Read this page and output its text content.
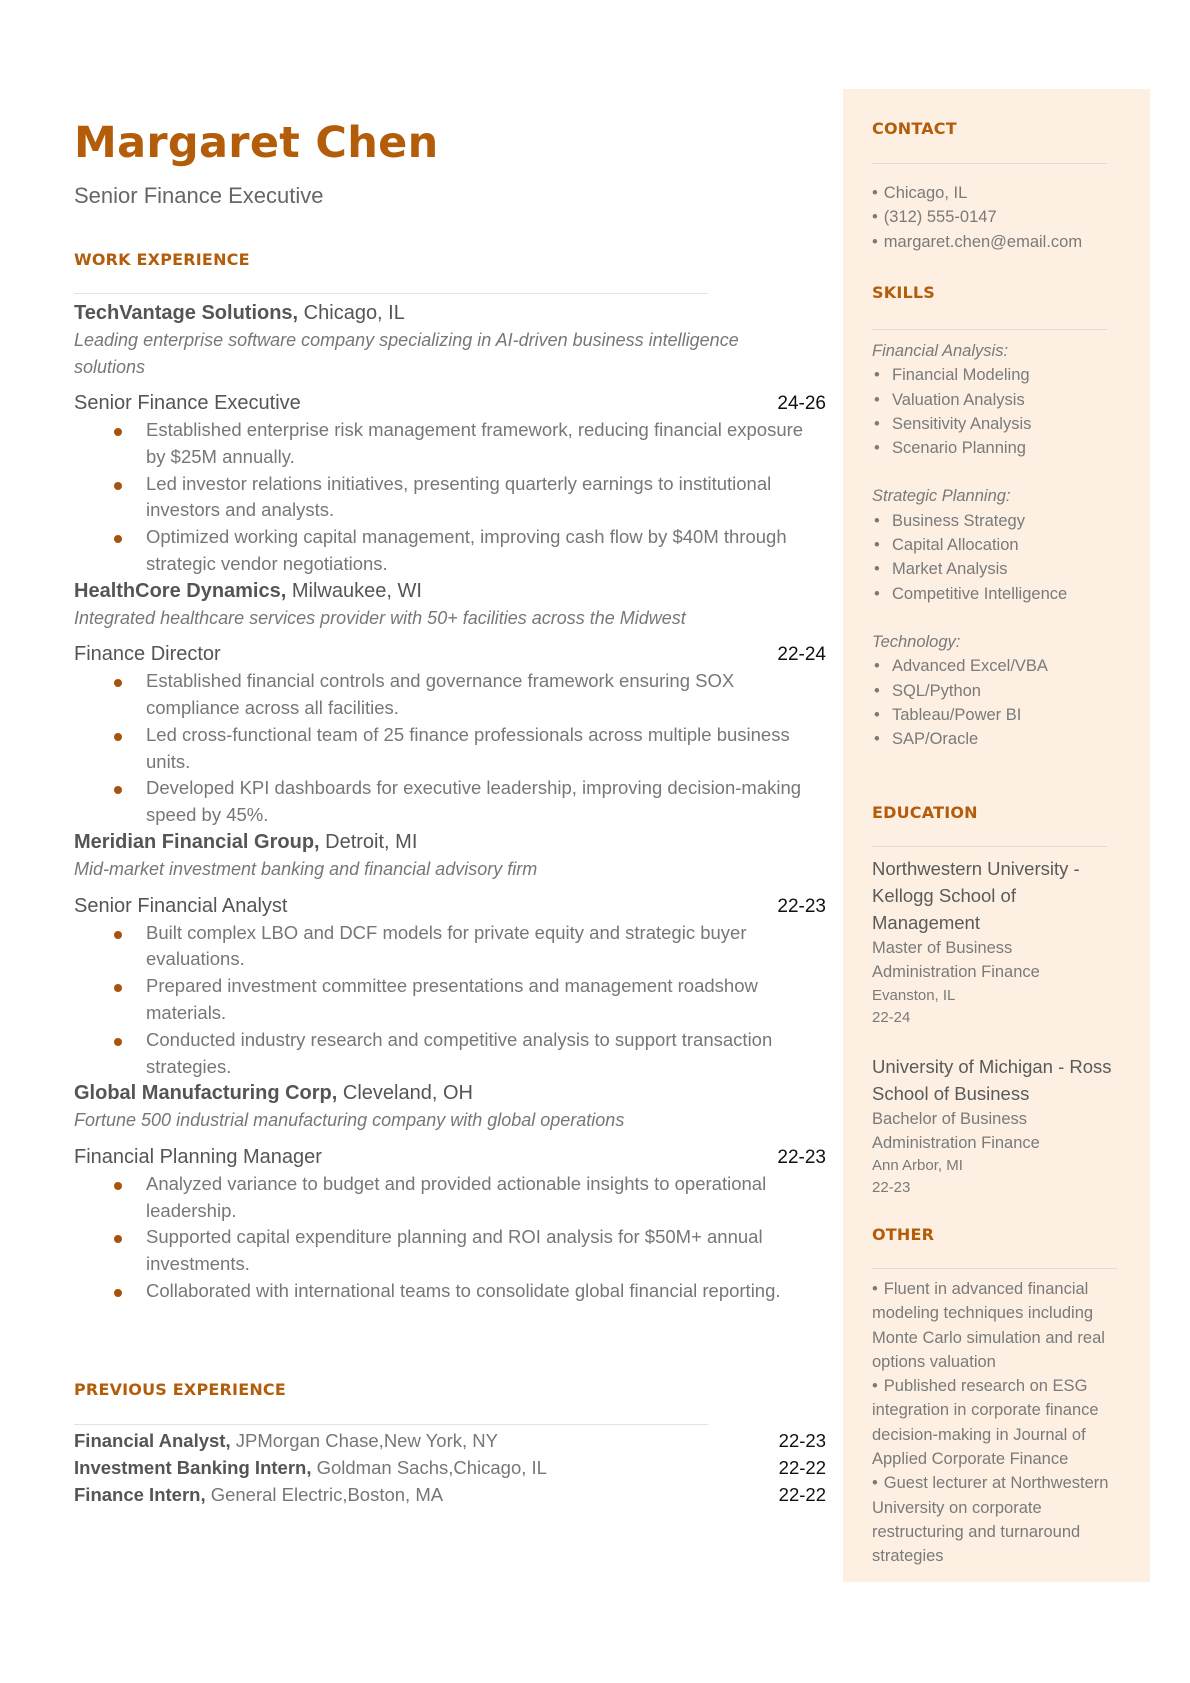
Margaret Chen
Senior Finance Executive
WORK EXPERIENCE
TechVantage Solutions, Chicago, IL
Leading enterprise software company specializing in AI-driven business intelligence solutions
Senior Finance Executive	24-26
Established enterprise risk management framework, reducing financial exposure by $25M annually.
Led investor relations initiatives, presenting quarterly earnings to institutional investors and analysts.
Optimized working capital management, improving cash flow by $40M through strategic vendor negotiations.
HealthCore Dynamics, Milwaukee, WI
Integrated healthcare services provider with 50+ facilities across the Midwest
Finance Director	22-24
Established financial controls and governance framework ensuring SOX compliance across all facilities.
Led cross-functional team of 25 finance professionals across multiple business units.
Developed KPI dashboards for executive leadership, improving decision-making speed by 45%.
Meridian Financial Group, Detroit, MI
Mid-market investment banking and financial advisory firm
Senior Financial Analyst	22-23
Built complex LBO and DCF models for private equity and strategic buyer evaluations.
Prepared investment committee presentations and management roadshow materials.
Conducted industry research and competitive analysis to support transaction strategies.
Global Manufacturing Corp, Cleveland, OH
Fortune 500 industrial manufacturing company with global operations
Financial Planning Manager	22-23
Analyzed variance to budget and provided actionable insights to operational leadership.
Supported capital expenditure planning and ROI analysis for $50M+ annual investments.
Collaborated with international teams to consolidate global financial reporting.
PREVIOUS EXPERIENCE
Financial Analyst, JPMorgan Chase,New York, NY	22-23
Investment Banking Intern, Goldman Sachs,Chicago, IL	22-22
Finance Intern, General Electric,Boston, MA	22-22
CONTACT
• Chicago, IL
• (312) 555-0147
• margaret.chen@email.com
SKILLS
Financial Analysis:
• Financial Modeling
• Valuation Analysis
• Sensitivity Analysis
• Scenario Planning
Strategic Planning:
• Business Strategy
• Capital Allocation
• Market Analysis
• Competitive Intelligence
Technology:
• Advanced Excel/VBA
• SQL/Python
• Tableau/Power BI
• SAP/Oracle
EDUCATION
Northwestern University - Kellogg School of Management
Master of Business Administration Finance
Evanston, IL
22-24
University of Michigan - Ross School of Business
Bachelor of Business Administration Finance
Ann Arbor, MI
22-23
OTHER
• Fluent in advanced financial modeling techniques including Monte Carlo simulation and real options valuation
• Published research on ESG integration in corporate finance decision-making in Journal of Applied Corporate Finance
• Guest lecturer at Northwestern University on corporate restructuring and turnaround strategies
